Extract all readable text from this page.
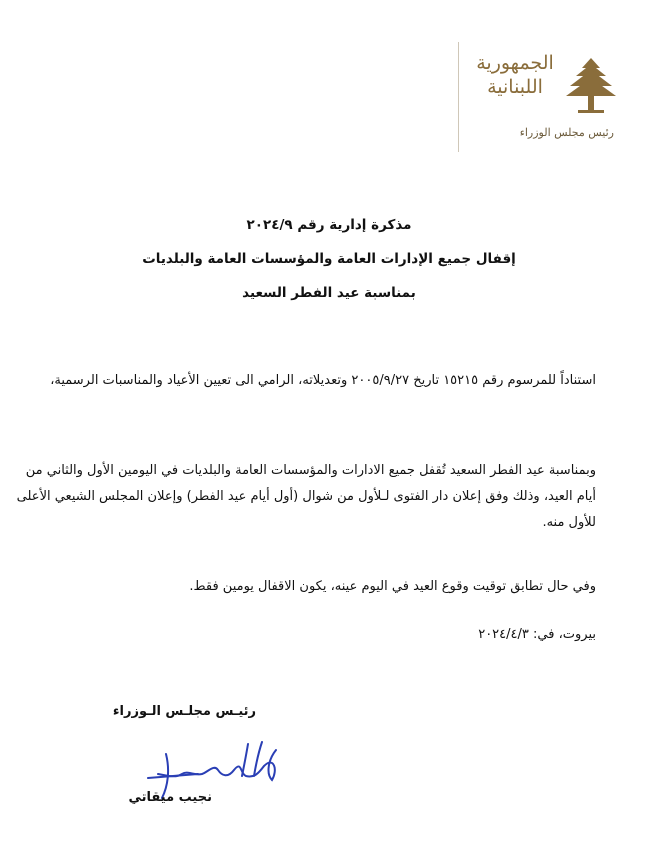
الجمهورية
اللبنانية
رئيس مجلس الوزراء
مذكرة إدارية رقم ٢٠٢٤/٩
إقفال جميع الإدارات العامة والمؤسسات العامة والبلديات
بمناسبة عيد الفطر السعيد

استناداً للمرسوم رقم ١٥٢١٥ تاريخ ٢٠٠٥/٩/٢٧ وتعديلاته، الرامي الى تعيين الأعياد والمناسبات الرسمية،

وبمناسبة عيد الفطر السعيد تُقفل جميع الادارات والمؤسسات العامة والبلديات في اليومين الأول والثاني من أيام العيد، وذلك وفق إعلان دار الفتوى لـلأول من شوال (أول أيام عيد الفطر) وإعلان المجلس الشيعي الأعلى للأول منه.

وفي حال تطابق توقيت وقوع العيد في اليوم عينه، يكون الاقفال يومين فقط.

بيروت، في: ٢٠٢٤/٤/٣

رئيـس مجلـس الـوزراء
نجيب ميقاتي
